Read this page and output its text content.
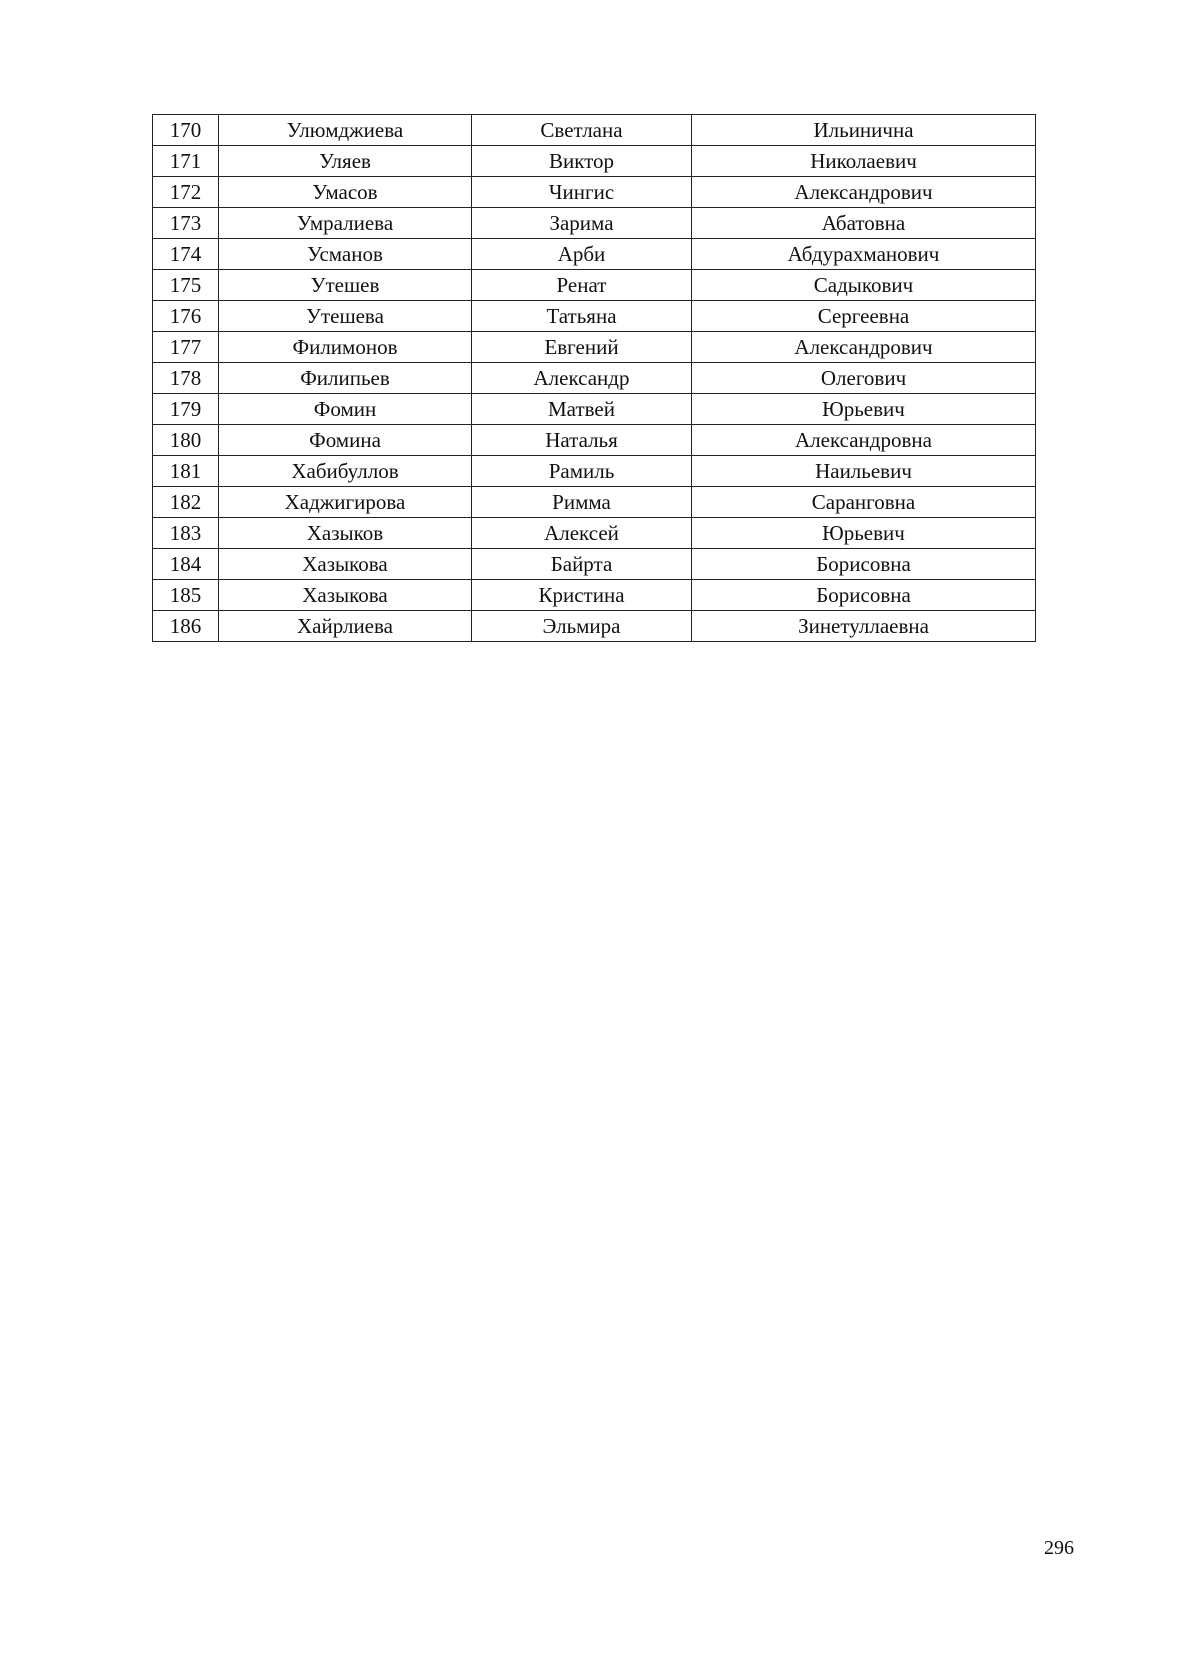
170	Улюмджиева	Светлана	Ильинична
171	Уляев	Виктор	Николаевич
172	Умасов	Чингис	Александрович
173	Умралиева	Зарима	Абатовна
174	Усманов	Арби	Абдурахманович
175	Утешев	Ренат	Садыкович
176	Утешева	Татьяна	Сергеевна
177	Филимонов	Евгений	Александрович
178	Филипьев	Александр	Олегович
179	Фомин	Матвей	Юрьевич
180	Фомина	Наталья	Александровна
181	Хабибуллов	Рамиль	Наильевич
182	Хаджигирова	Римма	Саранговна
183	Хазыков	Алексей	Юрьевич
184	Хазыкова	Байрта	Борисовна
185	Хазыкова	Кристина	Борисовна
186	Хайрлиева	Эльмира	Зинетуллаевна
296
